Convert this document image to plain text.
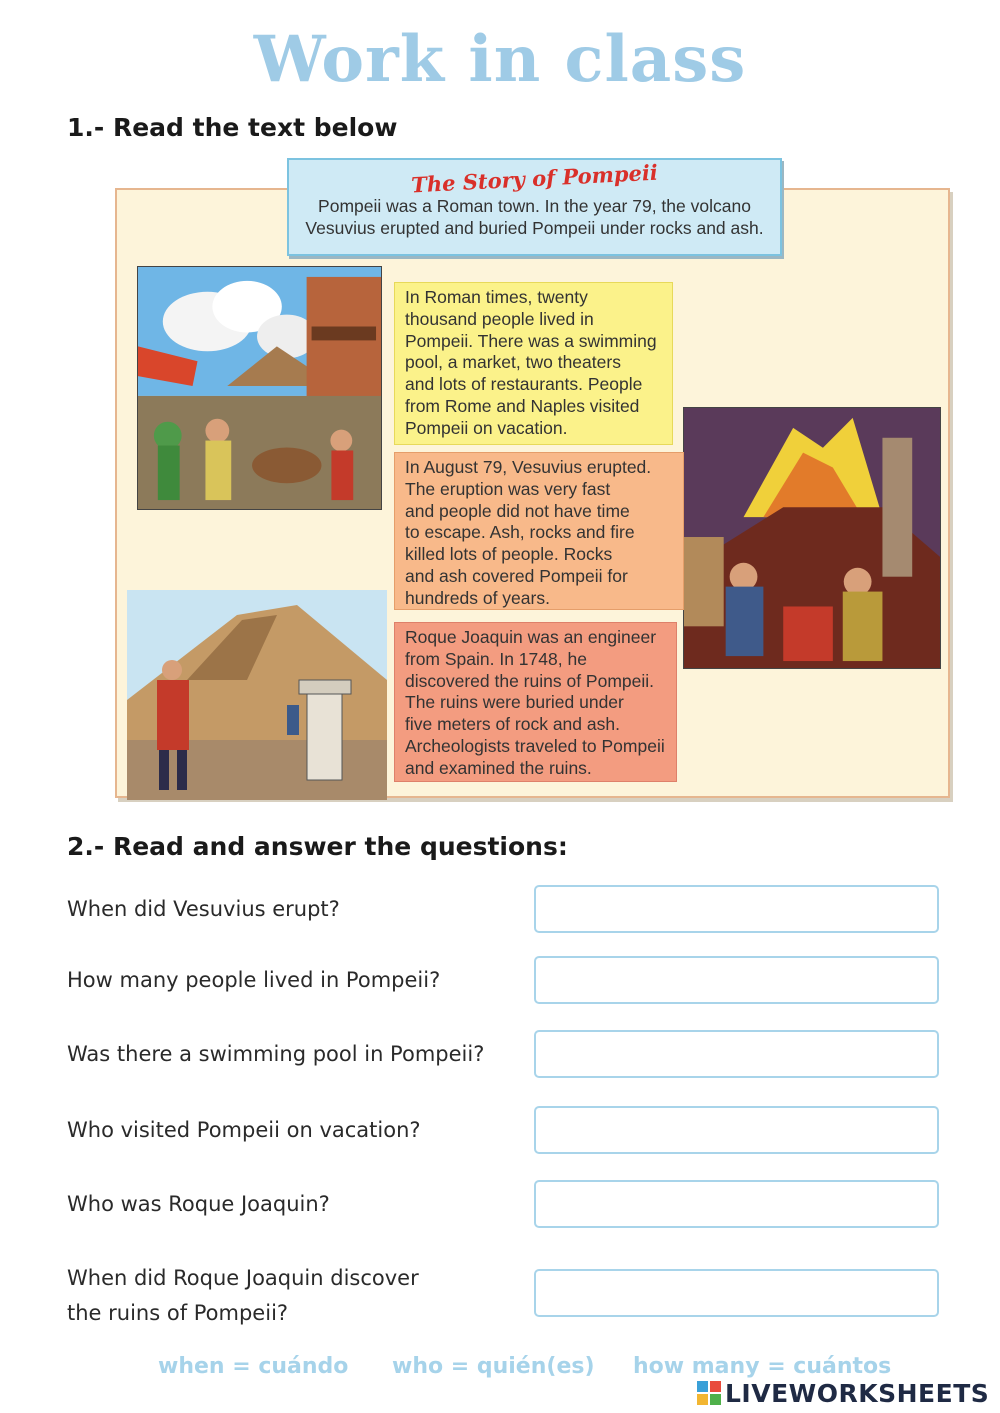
Work in class
1.- Read the text below
The Story of Pompeii
Pompeii was a Roman town. In the year 79, the volcano
Vesuvius erupted and buried Pompeii under rocks and ash.
In Roman times, twenty
thousand people lived in
Pompeii. There was a swimming
pool, a market, two theaters
and lots of restaurants. People
from Rome and Naples visited
Pompeii on vacation.
In August 79, Vesuvius erupted.
The eruption was very fast
and people did not have time
to escape. Ash, rocks and fire
killed lots of people. Rocks
and ash covered Pompeii for
hundreds of years.
Roque Joaquin was an engineer
from Spain. In 1748, he
discovered the ruins of Pompeii.
The ruins were buried under
five meters of rock and ash.
Archeologists traveled to Pompeii
and examined the ruins.
2.- Read and answer the questions:
When did Vesuvius erupt?
How many people lived in Pompeii?
Was there a swimming pool in Pompeii?
Who visited Pompeii on vacation?
Who was Roque Joaquin?
When did Roque Joaquin discover
the ruins of Pompeii?
when = cuándo who = quién(es) how many = cuántos
LIVEWORKSHEETS
